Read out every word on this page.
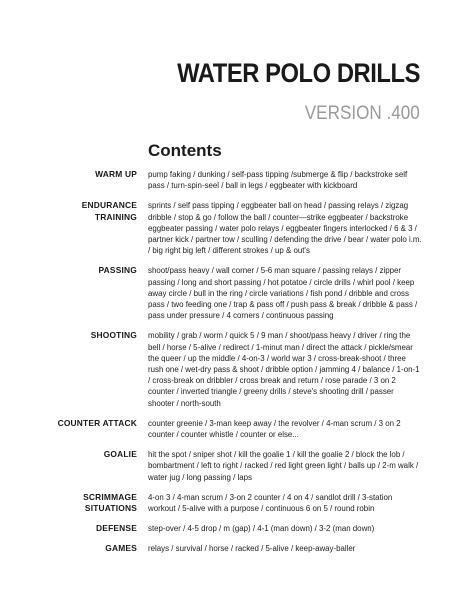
WATER POLO DRILLS
VERSION .400
Contents
WARM UP pump faking / dunking / self-pass tipping /submerge & flip / backstroke self pass / turn-spin-seel / ball in legs / eggbeater with kickboard
ENDURANCE
TRAINING
sprints / self pass tipping / eggbeater ball on head / passing relays / zigzag dribble / stop & go / follow the ball / counter—strike eggbeater / backstroke eggbeater passing / water polo relays / eggbeater fingers interlocked / 6 & 3 / partner kick / partner tow / sculling / defending the drive / bear / water polo i.m. / big right big left / different strokes / up & out's
PASSING shoot/pass heavy / wall corner / 5-6 man square / passing relays / zipper passing / long and short passing / hot potatoe / circle drills / whirl pool / keep away circle / bull in the ring / circle variations / fish pond / dribble and cross pass / two feeding one / trap & pass off / push pass & break / dribble & pass / pass under pressure / 4 corners / continuous passing
SHOOTING mobility / grab / worm / quick 5 / 9 man / shoot/pass heavy / driver / ring the bell / horse / 5-alive / redirect / 1-minut man / direct the attack / pickle/smear the queer / up the middle / 4-on-3 / world war 3 / cross-break-shoot / three rush one / wet-dry pass & shoot / dribble option / jamming 4 / balance / 1-on-1 / cross-break on dribbler / cross break and return / rose parade / 3 on 2 counter / inverted triangle / greeny drills / steve's shooting drill / passer shooter / north-south
COUNTER ATTACK counter greenie / 3-man keep away / the revolver / 4-man scrum / 3 on 2 counter / counter whistle / counter or else...
GOALIE hit the spot / sniper shot / kill the goalie 1 / kill the goalie 2 / block the lob / bombartment / left to right / racked / red light green light / balls up / 2-m walk / water jug / long passing / laps
SCRIMMAGE
SITUATIONS
4-on 3 / 4-man scrum / 3-on 2 counter / 4 on 4 / sandlot drill / 3-station workout / 5-alive with a purpose / continuous 6 on 5 / round robin
DEFENSE step-over / 4-5 drop / m (gap) / 4-1 (man down) / 3-2 (man down)
GAMES relays / survival / horse / racked / 5-alive / keep-away-baller
